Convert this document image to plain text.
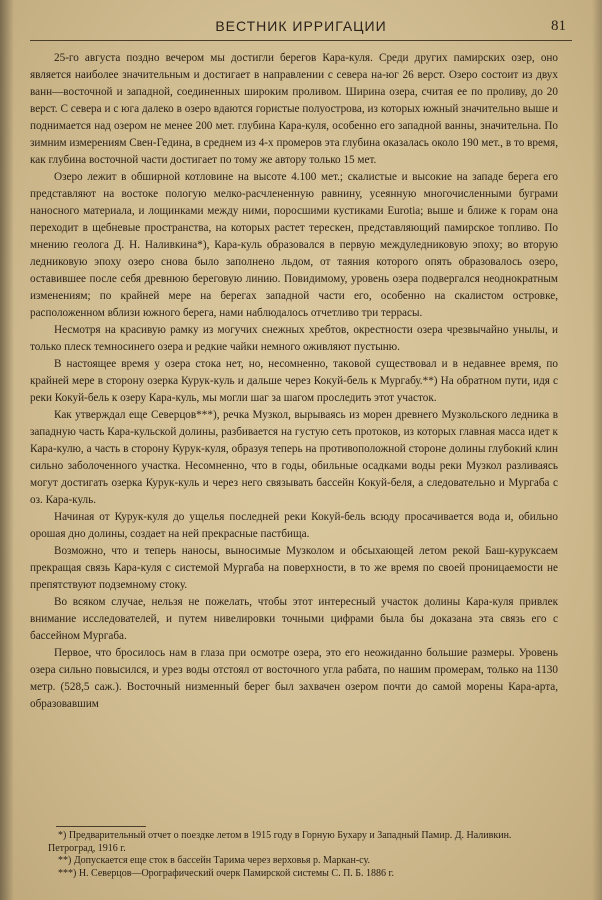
ВЕСТНИК ИРРИГАЦИИ	81

25-го августа поздно вечером мы достигли берегов Кара-куля. Среди других памирских озер, оно является наиболее значительным и достигает в направлении с севера на-юг 26 верст. Озеро состоит из двух ванн—восточной и западной, соединенных широким проливом. Ширина озера, считая ее по проливу, до 20 верст. С севера и с юга далеко в озеро вдаются гористые полуострова, из которых южный значительно выше и поднимается над озером не менее 200 мет. глубина Кара-куля, особенно его западной ванны, значительна. По зимним измерениям Свен-Гедина, в среднем из 4-х промеров эта глубина оказалась около 190 мет., в то время, как глубина восточной части достигает по тому же автору только 15 мет.

Озеро лежит в обширной котловине на высоте 4.100 мет.; скалистые и высокие на западе берега его представляют на востоке пологую мелко-расчлененную равнину, усеянную многочисленными буграми наносного материала, и лощинками между ними, поросшими кустиками Eurotia; выше и ближе к горам она переходит в щебневые пространства, на которых растет терескен, представляющий памирское топливо. По мнению геолога Д. Н. Наливкина*), Кара-куль образовался в первую междуледниковую эпоху; во вторую ледниковую эпоху озеро снова было заполнено льдом, от таяния которого опять образовалось озеро, оставившее после себя древнюю береговую линию. Повидимому, уровень озера подвергался неоднократным изменениям; по крайней мере на берегах западной части его, особенно на скалистом островке, расположенном вблизи южного берега, нами наблюдалось отчетливо три террасы.

Несмотря на красивую рамку из могучих снежных хребтов, окрестности озера чрезвычайно унылы, и только плеск темносинего озера и редкие чайки немного оживляют пустыню.

В настоящее время у озера стока нет, но, несомненно, такoвой существовал и в недавнее время, по крайней мере в сторону озерка Курук-куль и дальше через Кокуй-бель к Мургабу.**) На обратном пути, идя с реки Кокуй-бель к озеру Кара-куль, мы могли шаг за шагом проследить этот участок.

Как утверждал еще Северцов***), речка Музкол, вырываясь из морен древнего Музкольского ледника в западную часть Кара-кульской долины, разбивается на густую сеть протоков, из которых главная масса идет к Кара-кулю, а часть в сторону Курук-куля, образуя теперь на противоположной стороне долины глубокий клин сильно заболоченного участка. Несомненно, что в годы, обильные осадками воды реки Музкол разливаясь могут достигать озерка Курук-куль и через него связывать бассейн Кокуй-беля, а следовательно и Мургаба с оз. Кара-куль.

Начиная от Курук-куля до ущелья последней реки Кокуй-бель всюду просачивается вода и, обильно орошая дно долины, создает на ней прекрасные пастбища.

Возможно, что и теперь наносы, выносимые Музколом и обсыхающей летом рекой Баш-куруксаем прекращая связь Кара-куля с системой Мургаба на поверхности, в то же время по своей проницаемости не препятствуют подземному стоку.

Во всяком случае, нельзя не пожелать, чтобы этот интересный участок долины Кара-куля привлек внимание исследователей, и путем нивелировки точными цифрами была бы доказана эта связь его с бассейном Мургаба.

Первое, что бросилось нам в глаза при осмотре озера, это его неожиданно большие размеры. Уровень озера сильно повысился, и урез воды отстоял от восточного угла рабата, по нашим промерам, только на 1130 метр. (528,5 саж.). Восточный низменный берег был захвачен озером почти до самой морены Кара-арта, образовавшим

*) Предварительный отчет о поездке летом в 1915 году в Горную Бухару и Западный Памир. Д. Наливкин. Петроград, 1916 г.

**) Допускается еще сток в бассейн Тарима через верховья р. Маркан-су.

***) Н. Северцов—Орографический очерк Памирской системы С. П. Б. 1886 г.
